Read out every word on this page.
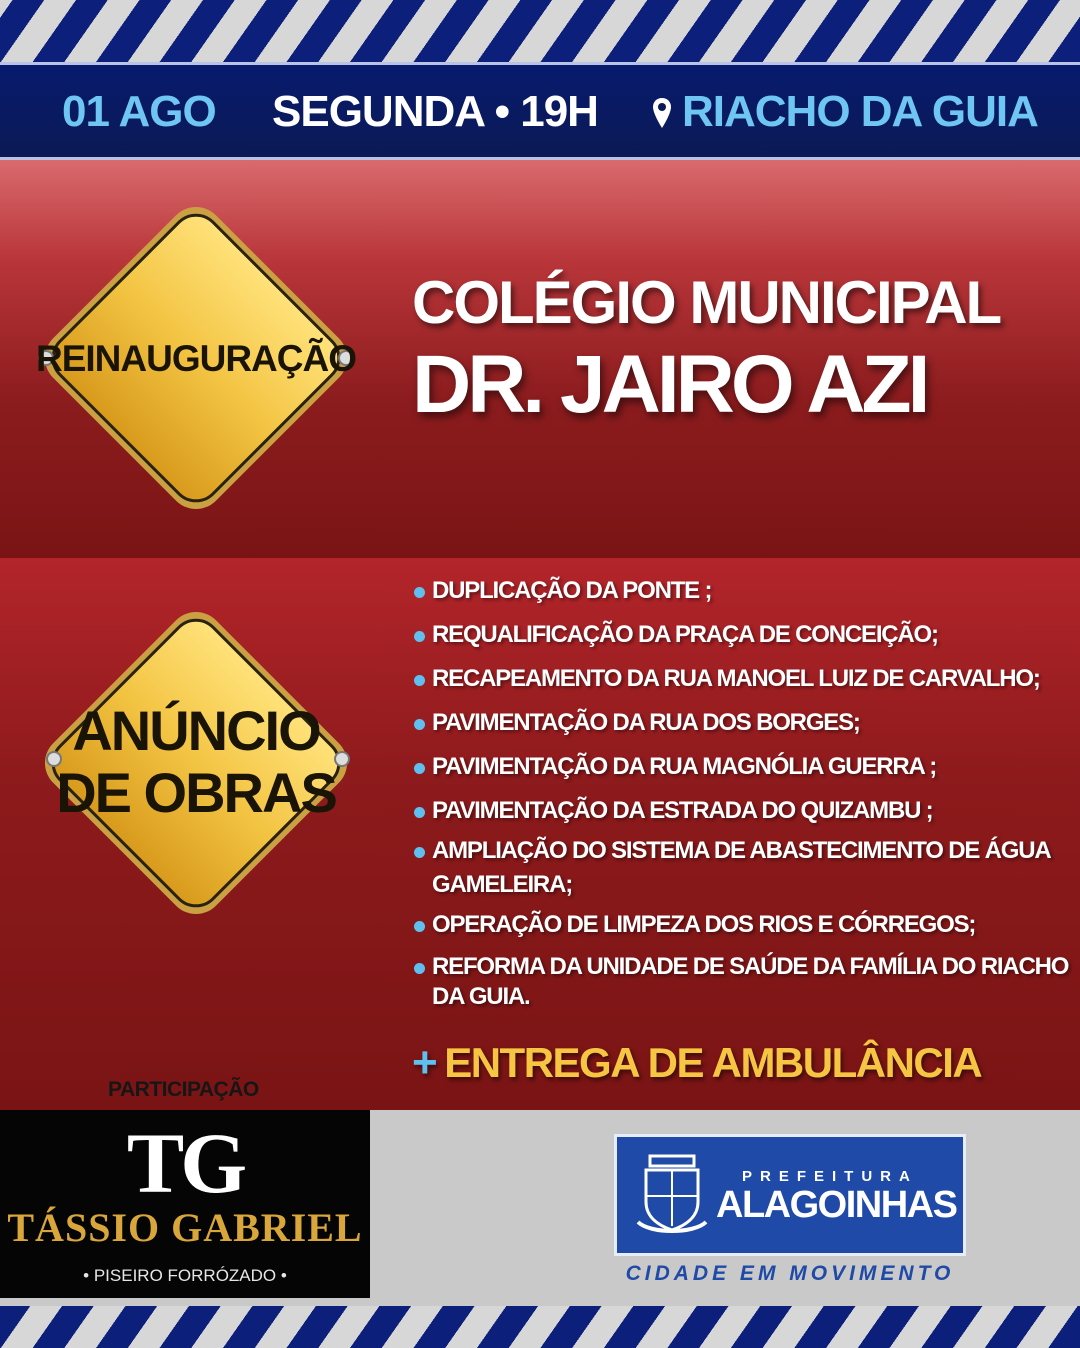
01 AGO SEGUNDA • 19H RIACHO DA GUIA
REINAUGURAÇÃO
ANÚNCIO
DE OBRAS
COLÉGIO MUNICIPAL
DR. JAIRO AZI
DUPLICAÇÃO DA PONTE ;
REQUALIFICAÇÃO DA PRAÇA DE CONCEIÇÃO;
RECAPEAMENTO DA RUA MANOEL LUIZ DE CARVALHO;
PAVIMENTAÇÃO DA RUA DOS BORGES;
PAVIMENTAÇÃO DA RUA MAGNÓLIA GUERRA ;
PAVIMENTAÇÃO DA ESTRADA DO QUIZAMBU ;
AMPLIAÇÃO DO SISTEMA DE ABASTECIMENTO DE ÁGUA GAMELEIRA;
OPERAÇÃO DE LIMPEZA DOS RIOS E CÓRREGOS;
REFORMA DA UNIDADE DE SAÚDE DA FAMÍLIA DO RIACHO DA GUIA.
+ ENTREGA DE AMBULÂNCIA
PARTICIPAÇÃO
TG
TÁSSIO GABRIEL
• PISEIRO FORRÓZADO •
PREFEITURA
ALAGOINHAS
CIDADE EM MOVIMENTO
